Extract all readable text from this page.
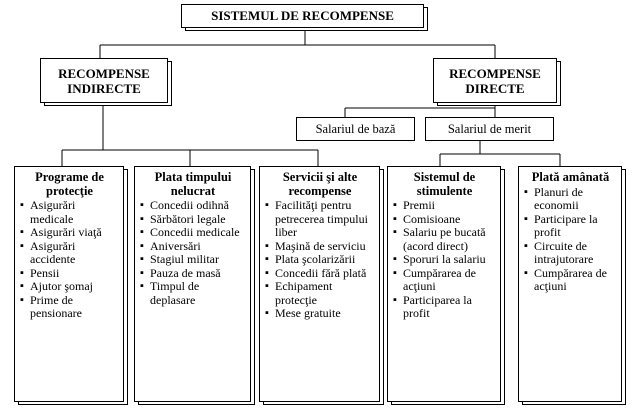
SISTEMUL DE RECOMPENSE
RECOMPENSE
INDIRECTE
RECOMPENSE
DIRECTE
Salariul de bază	Salariul de merit
Programe de protecţie
▪ Asigurări medicale
▪ Asigurări viaţă
▪ Asigurări accidente
▪ Pensii
▪ Ajutor şomaj
▪ Prime de pensionare
Plata timpului nelucrat
▪ Concedii odihnă
▪ Sărbători legale
▪ Concedii medicale
▪ Aniversări
▪ Stagiul militar
▪ Pauza de masă
▪ Timpul de deplasare
Servicii şi alte recompense
▪ Facilităţi pentru petrecerea timpului liber
▪ Maşină de serviciu
▪ Plata şcolarizării
▪ Concedii fără plată
▪ Echipament protecţie
▪ Mese gratuite
Sistemul de stimulente
▪ Premii
▪ Comisioane
▪ Salariu pe bucată (acord direct)
▪ Sporuri la salariu
▪ Cumpărarea de acţiuni
▪ Participarea la profit
Plată amânată
▪ Planuri de economii
▪ Participare la profit
▪ Circuite de intrajutorare
▪ Cumpărarea de acţiuni
